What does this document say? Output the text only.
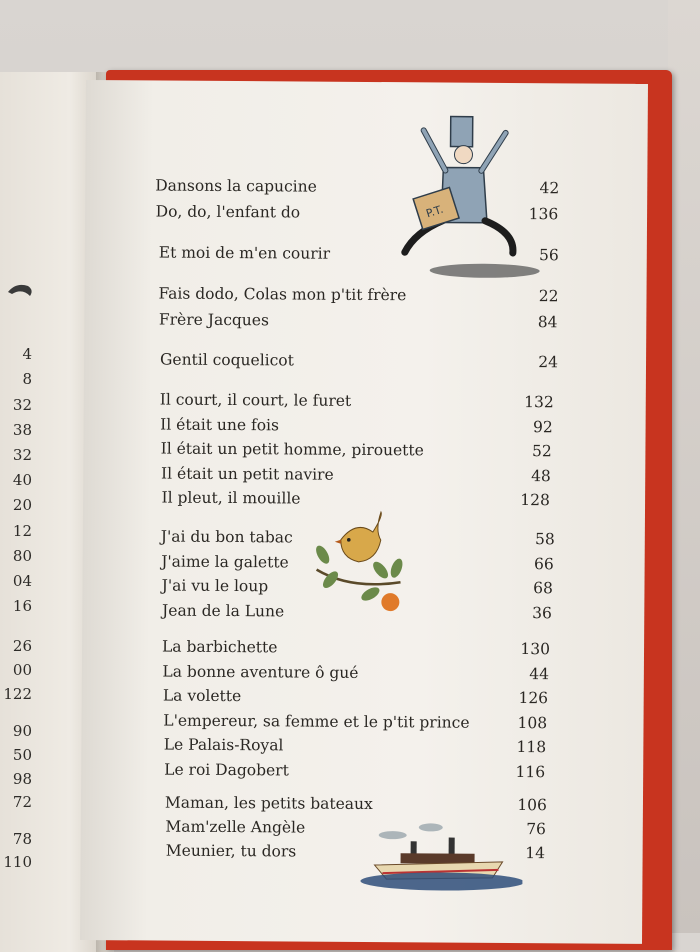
4
8
32
38
32
40
20
12
80
04
16
26
00
122
90
50
98
72
78
110
Dansons la capucine	42
Do, do, l'enfant do	136
Et moi de m'en courir	56
Fais dodo, Colas mon p'tit frère	22
Frère Jacques	84
Gentil coquelicot	24
Il court, il court, le furet	132
Il était une fois	92
Il était un petit homme, pirouette	52
Il était un petit navire	48
Il pleut, il mouille	128
J'ai du bon tabac	58
J'aime la galette	66
J'ai vu le loup	68
Jean de la Lune	36
La barbichette	130
La bonne aventure ô gué	44
La volette	126
L'empereur, sa femme et le p'tit prince	108
Le Palais-Royal	118
Le roi Dagobert	116
Maman, les petits bateaux	106
Mam'zelle Angèle	76
Meunier, tu dors	14
P.T.
